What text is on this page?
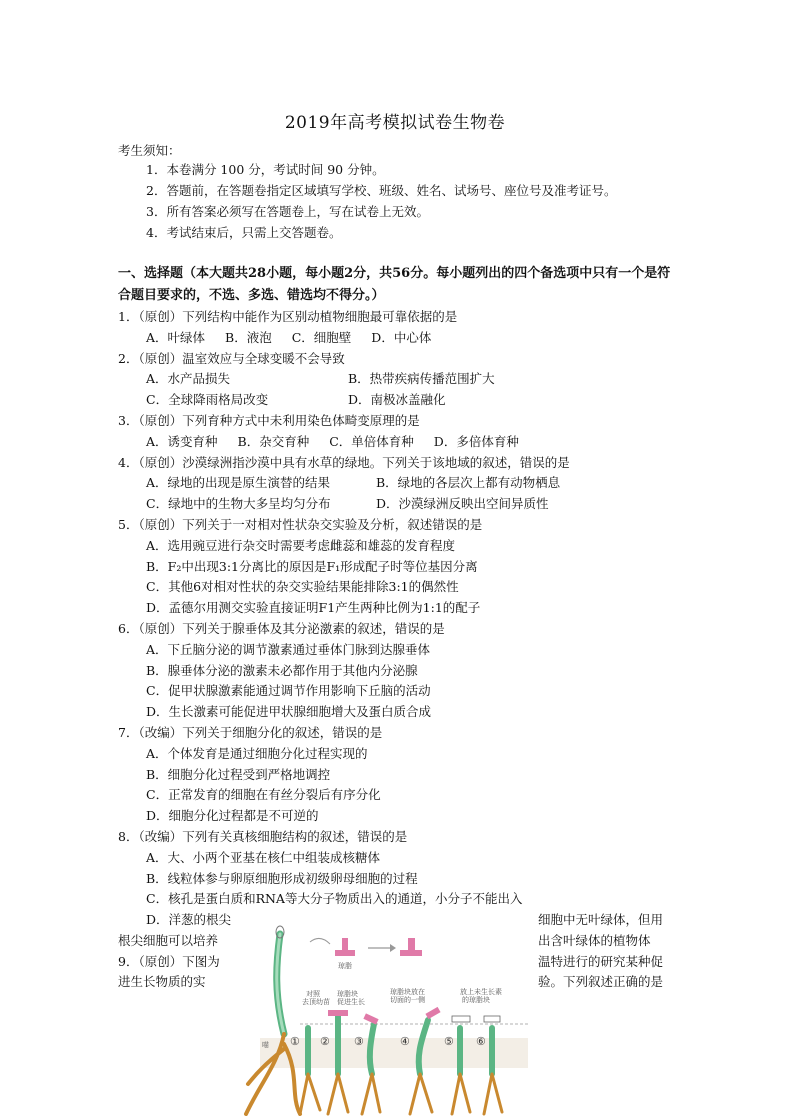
2019年高考模拟试卷生物卷
考生须知：
1．本卷满分 100 分，考试时间 90 分钟。
2．答题前，在答题卷指定区域填写学校、班级、姓名、试场号、座位号及准考证号。
3．所有答案必须写在答题卷上，写在试卷上无效。
4．考试结束后，只需上交答题卷。
一、选择题（本大题共28小题，每小题2分，共56分。每小题列出的四个备选项中只有一个是符
合题目要求的，不选、多选、错选均不得分。）
1．（原创）下列结构中能作为区别动植物细胞最可靠依据的是
A．叶绿体 B．液泡 C．细胞壁 D．中心体
2．（原创）温室效应与全球变暖不会导致
A．水产品损失	B．热带疾病传播范围扩大
C．全球降雨格局改变	D．南极冰盖融化
3．（原创）下列育种方式中未利用染色体畸变原理的是
A．诱变育种 B．杂交育种 C．单倍体育种 D．多倍体育种
4．（原创）沙漠绿洲指沙漠中具有水草的绿地。下列关于该地域的叙述，错误的是
A．绿地的出现是原生演替的结果	B．绿地的各层次上都有动物栖息
C．绿地中的生物大多呈均匀分布	D．沙漠绿洲反映出空间异质性
5．（原创）下列关于一对相对性状杂交实验及分析，叙述错误的是
A．选用豌豆进行杂交时需要考虑雌蕊和雄蕊的发育程度
B．F₂中出现3:1分离比的原因是F₁形成配子时等位基因分离
C．其他6对相对性状的杂交实验结果能排除3:1的偶然性
D．孟德尔用测交实验直接证明F1产生两种比例为1:1的配子
6．（原创）下列关于腺垂体及其分泌激素的叙述，错误的是
A．下丘脑分泌的调节激素通过垂体门脉到达腺垂体
B．腺垂体分泌的激素未必都作用于其他内分泌腺
C．促甲状腺激素能通过调节作用影响下丘脑的活动
D．生长激素可能促进甲状腺细胞增大及蛋白质合成
7．（改编）下列关于细胞分化的叙述，错误的是
A．个体发育是通过细胞分化过程实现的
B．细胞分化过程受到严格地调控
C．正常发育的细胞在有丝分裂后有序分化
D．细胞分化过程都是不可逆的
8．（改编）下列有关真核细胞结构的叙述，错误的是
A．大、小两个亚基在核仁中组装成核糖体
B．线粒体参与卵原细胞形成初级卵母细胞的过程
C．核孔是蛋白质和RNA等大分子物质出入的通道，小分子不能出入
D．洋葱的根尖	细胞中无叶绿体，但用
根尖细胞可以培养	出含叶绿体的植物体
9．（原创）下图为	温特进行的研究某种促
进生长物质的实	验。下列叙述正确的是
琼脂
对照
去顶幼苗
琼脂块
促进生长
琼脂块放在
切面的一侧
放上未生长素
的琼脂块
① ② ③	④	⑤ ⑥
喵
